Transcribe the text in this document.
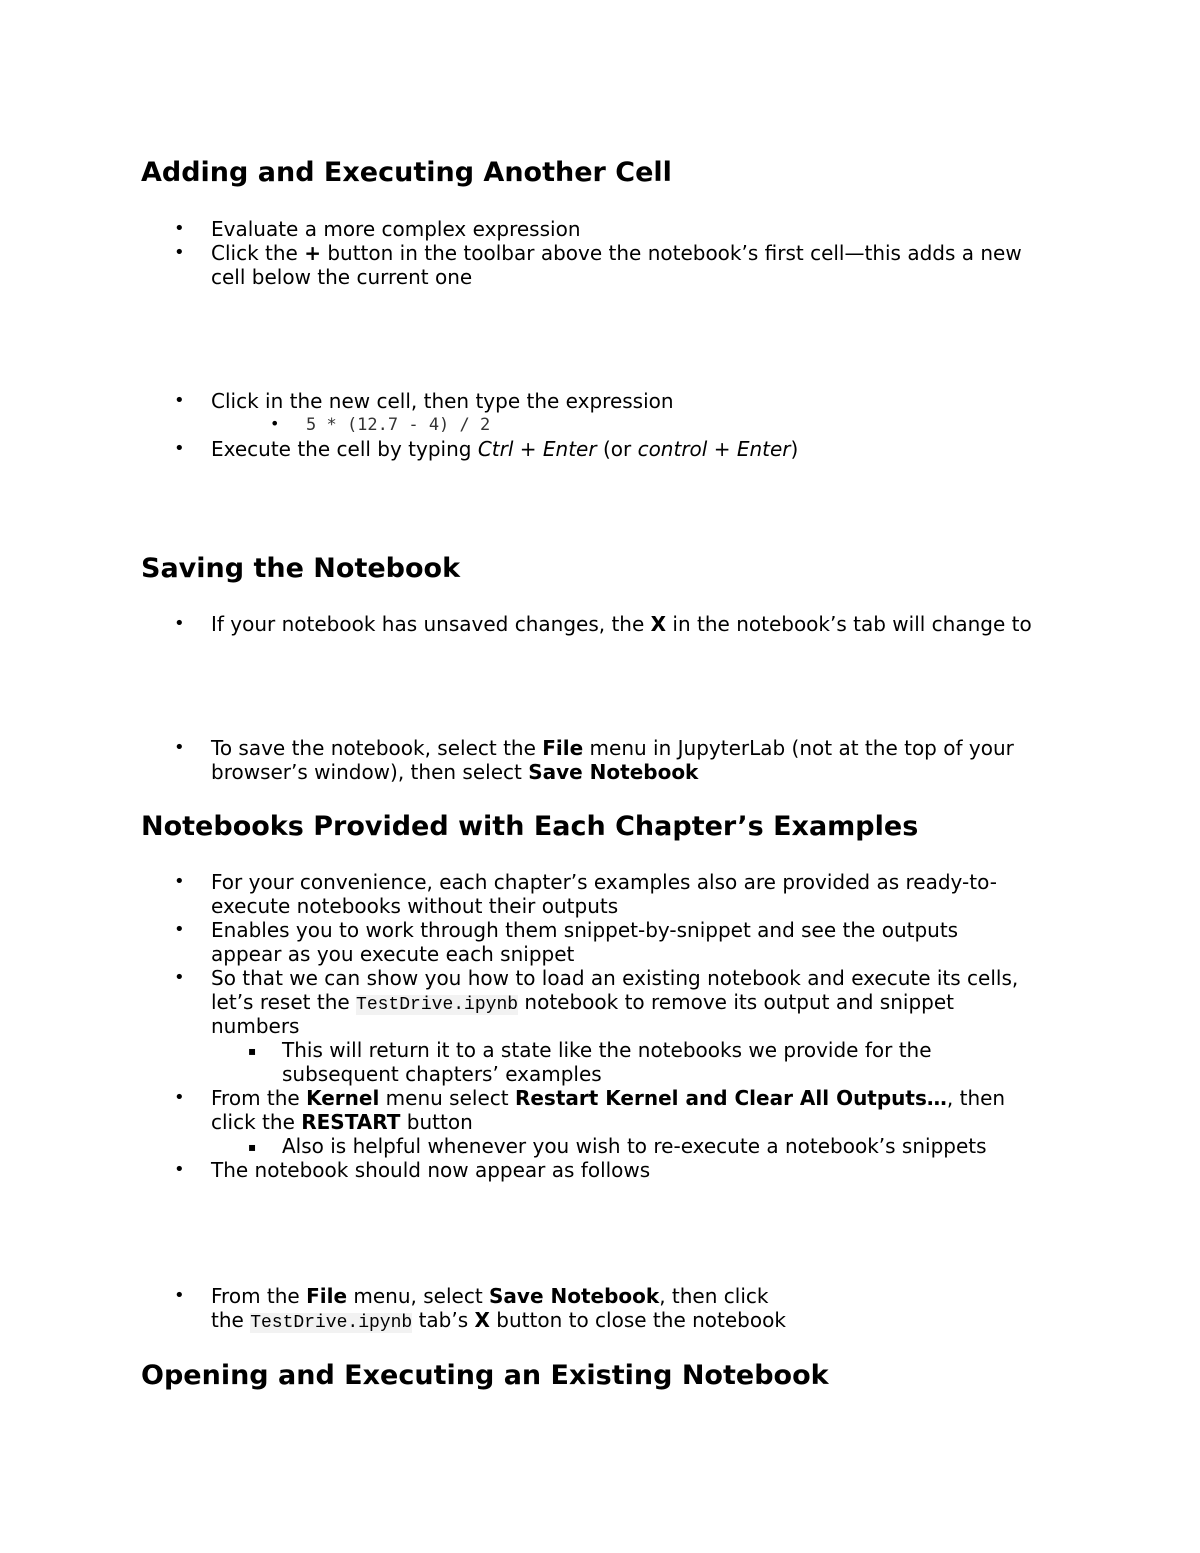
Adding and Executing Another Cell
• Evaluate a more complex expression

• Click the + button in the toolbar above the notebook’s first cell—this adds a new

cell below the current one

• Click in the new cell, then type the expression

• 5 * (12.7 - 4) / 2

• Execute the cell by typing Ctrl + Enter (or control + Enter)

Saving the Notebook
• If your notebook has unsaved changes, the X in the notebook’s tab will change to

• To save the notebook, select the File menu in JupyterLab (not at the top of your

browser’s window), then select Save Notebook

Notebooks Provided with Each Chapter’s Examples
• For your convenience, each chapter’s examples also are provided as ready-to-

execute notebooks without their outputs

• Enables you to work through them snippet-by-snippet and see the outputs

appear as you execute each snippet

• So that we can show you how to load an existing notebook and execute its cells,

let’s reset the TestDrive.ipynb notebook to remove its output and snippet

numbers

▪ This will return it to a state like the notebooks we provide for the

subsequent chapters’ examples

• From the Kernel menu select Restart Kernel and Clear All Outputs…, then

click the RESTART button

▪ Also is helpful whenever you wish to re-execute a notebook’s snippets

• The notebook should now appear as follows

• From the File menu, select Save Notebook, then click

the TestDrive.ipynb tab’s X button to close the notebook

Opening and Executing an Existing Notebook
